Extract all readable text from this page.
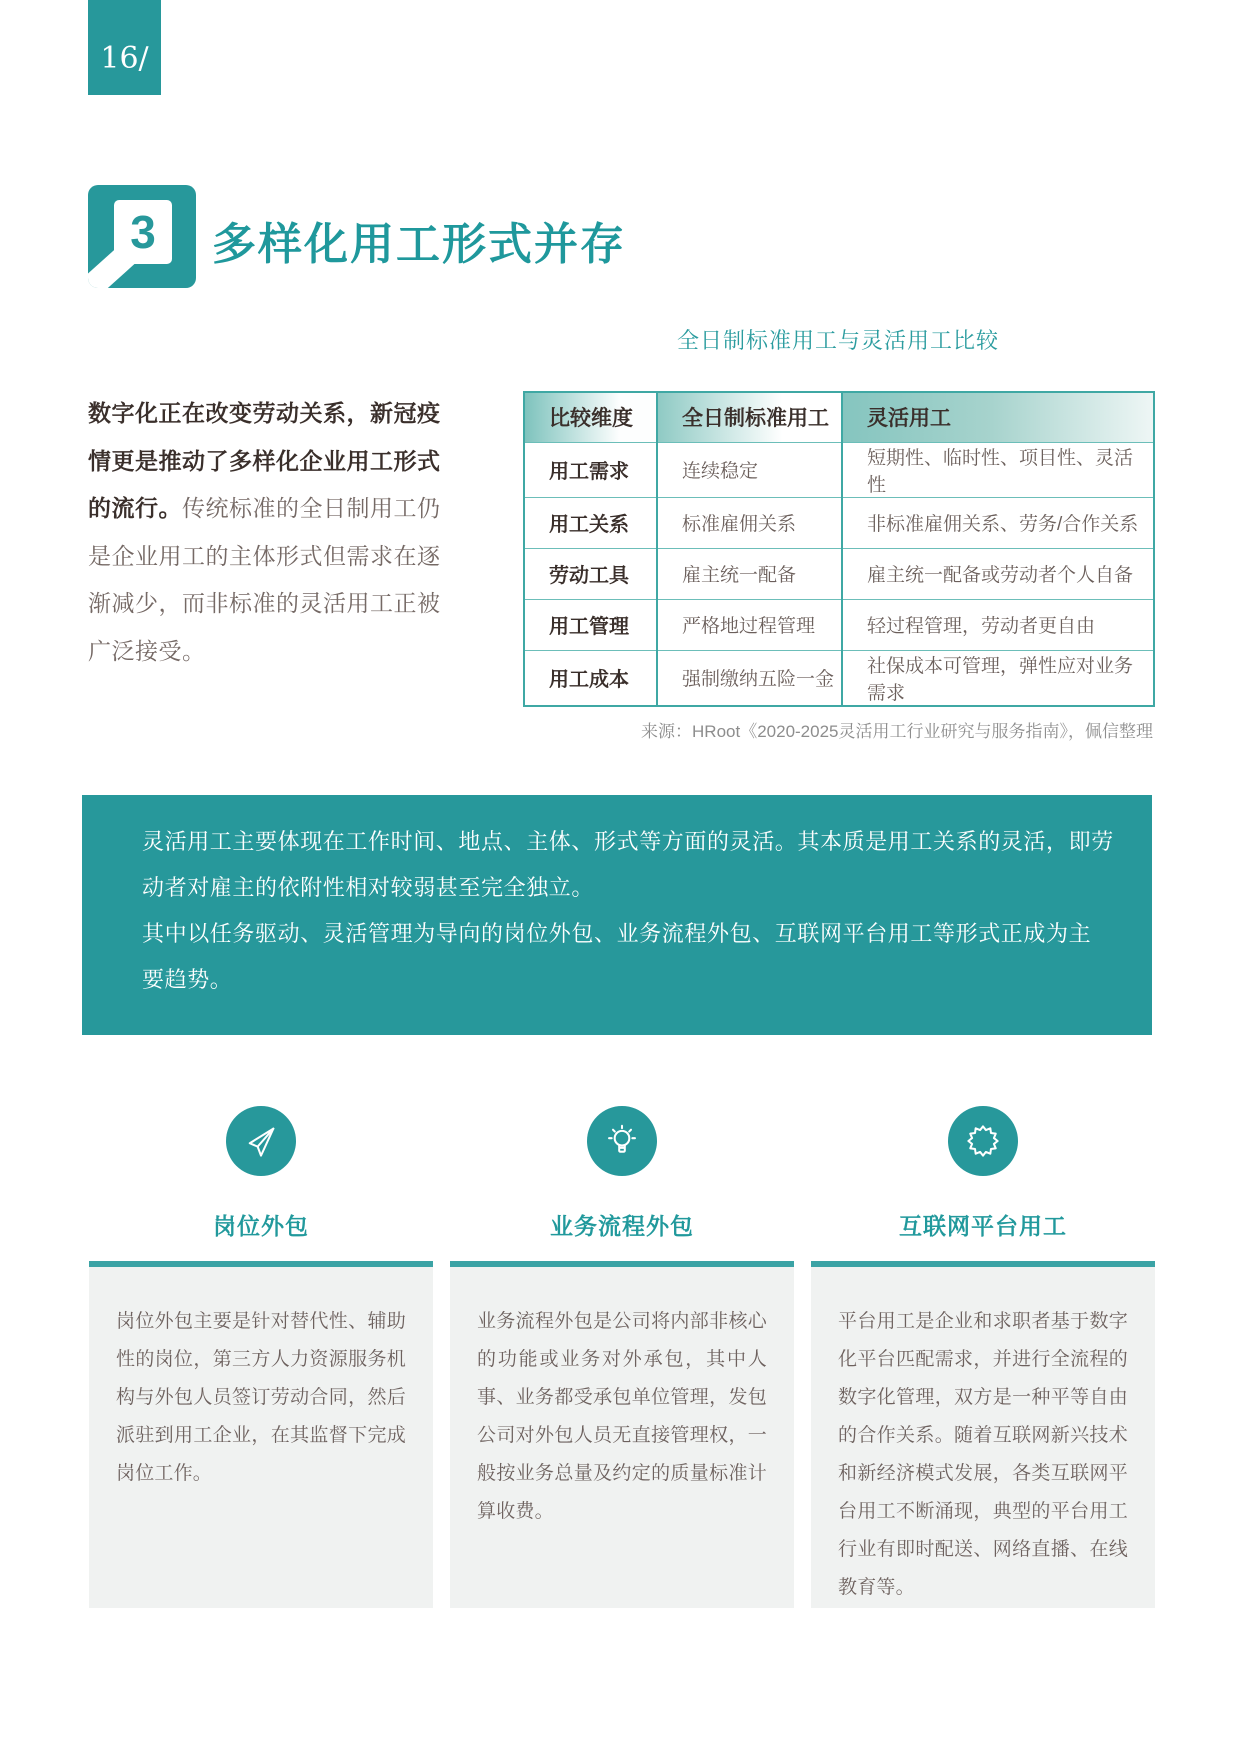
16/
3	多样化用工形式并存
数字化正在改变劳动关系，新冠疫
情更是推动了多样化企业用工形式
的流行。传统标准的全日制用工仍
是企业用工的主体形式但需求在逐
渐减少，而非标准的灵活用工正被
广泛接受。
全日制标准用工与灵活用工比较
比较维度	全日制标准用工	灵活用工
用工需求	连续稳定	短期性、临时性、项目性、灵活性
用工关系	标准雇佣关系	非标准雇佣关系、劳务/合作关系
劳动工具	雇主统一配备	雇主统一配备或劳动者个人自备
用工管理	严格地过程管理	轻过程管理，劳动者更自由
用工成本	强制缴纳五险一金	社保成本可管理，弹性应对业务需求
来源：HRoot《2020-2025灵活用工行业研究与服务指南》，佩信整理
灵活用工主要体现在工作时间、地点、主体、形式等方面的灵活。其本质是用工关系的灵活，即劳
动者对雇主的依附性相对较弱甚至完全独立。
其中以任务驱动、灵活管理为导向的岗位外包、业务流程外包、互联网平台用工等形式正成为主
要趋势。
岗位外包
岗位外包主要是针对替代性、辅助性的岗位，第三方人力资源服务机构与外包人员签订劳动合同，然后派驻到用工企业，在其监督下完成岗位工作。
业务流程外包
业务流程外包是公司将内部非核心的功能或业务对外承包，其中人事、业务都受承包单位管理，发包公司对外包人员无直接管理权，一般按业务总量及约定的质量标准计算收费。
互联网平台用工
平台用工是企业和求职者基于数字化平台匹配需求，并进行全流程的数字化管理，双方是一种平等自由的合作关系。随着互联网新兴技术和新经济模式发展，各类互联网平台用工不断涌现，典型的平台用工行业有即时配送、网络直播、在线教育等。
